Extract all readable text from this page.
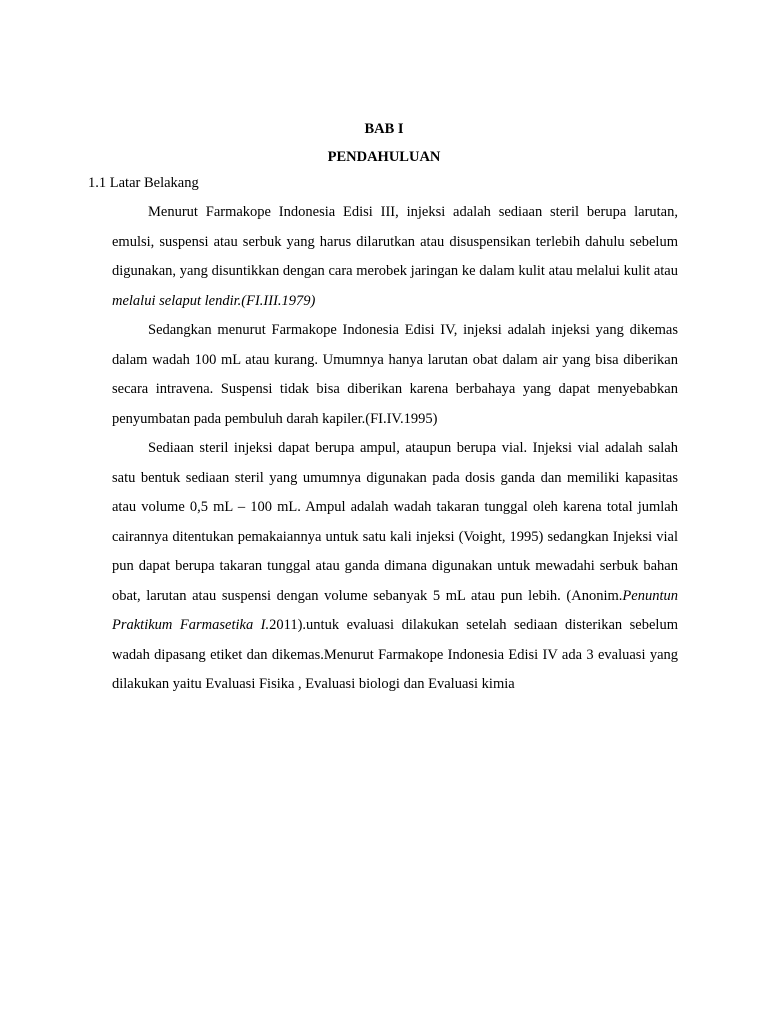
BAB I

PENDAHULUAN

1.1 Latar Belakang

Menurut Farmakope Indonesia Edisi III, injeksi adalah sediaan steril berupa larutan, emulsi, suspensi atau serbuk yang harus dilarutkan atau disuspensikan terlebih dahulu sebelum digunakan, yang disuntikkan dengan cara merobek jaringan ke dalam kulit atau melalui kulit atau melalui selaput lendir.(FI.III.1979)

Sedangkan menurut Farmakope Indonesia Edisi IV, injeksi adalah injeksi yang dikemas dalam wadah 100 mL atau kurang. Umumnya hanya larutan obat dalam air yang bisa diberikan secara intravena. Suspensi tidak bisa diberikan karena berbahaya yang dapat menyebabkan penyumbatan pada pembuluh darah kapiler.(FI.IV.1995)

Sediaan steril injeksi dapat berupa ampul, ataupun berupa vial. Injeksi vial adalah salah satu bentuk sediaan steril yang umumnya digunakan pada dosis ganda dan memiliki kapasitas atau volume 0,5 mL – 100 mL. Ampul adalah wadah takaran tunggal oleh karena total jumlah cairannya ditentukan pemakaiannya untuk satu kali injeksi (Voight, 1995) sedangkan Injeksi vial pun dapat berupa takaran tunggal atau ganda dimana digunakan untuk mewadahi serbuk bahan obat, larutan atau suspensi dengan volume sebanyak 5 mL atau pun lebih. (Anonim.Penuntun Praktikum Farmasetika I.2011).untuk evaluasi dilakukan setelah sediaan disterikan sebelum wadah dipasang etiket dan dikemas.Menurut Farmakope Indonesia Edisi IV ada 3 evaluasi yang dilakukan yaitu Evaluasi Fisika , Evaluasi biologi dan Evaluasi kimia
